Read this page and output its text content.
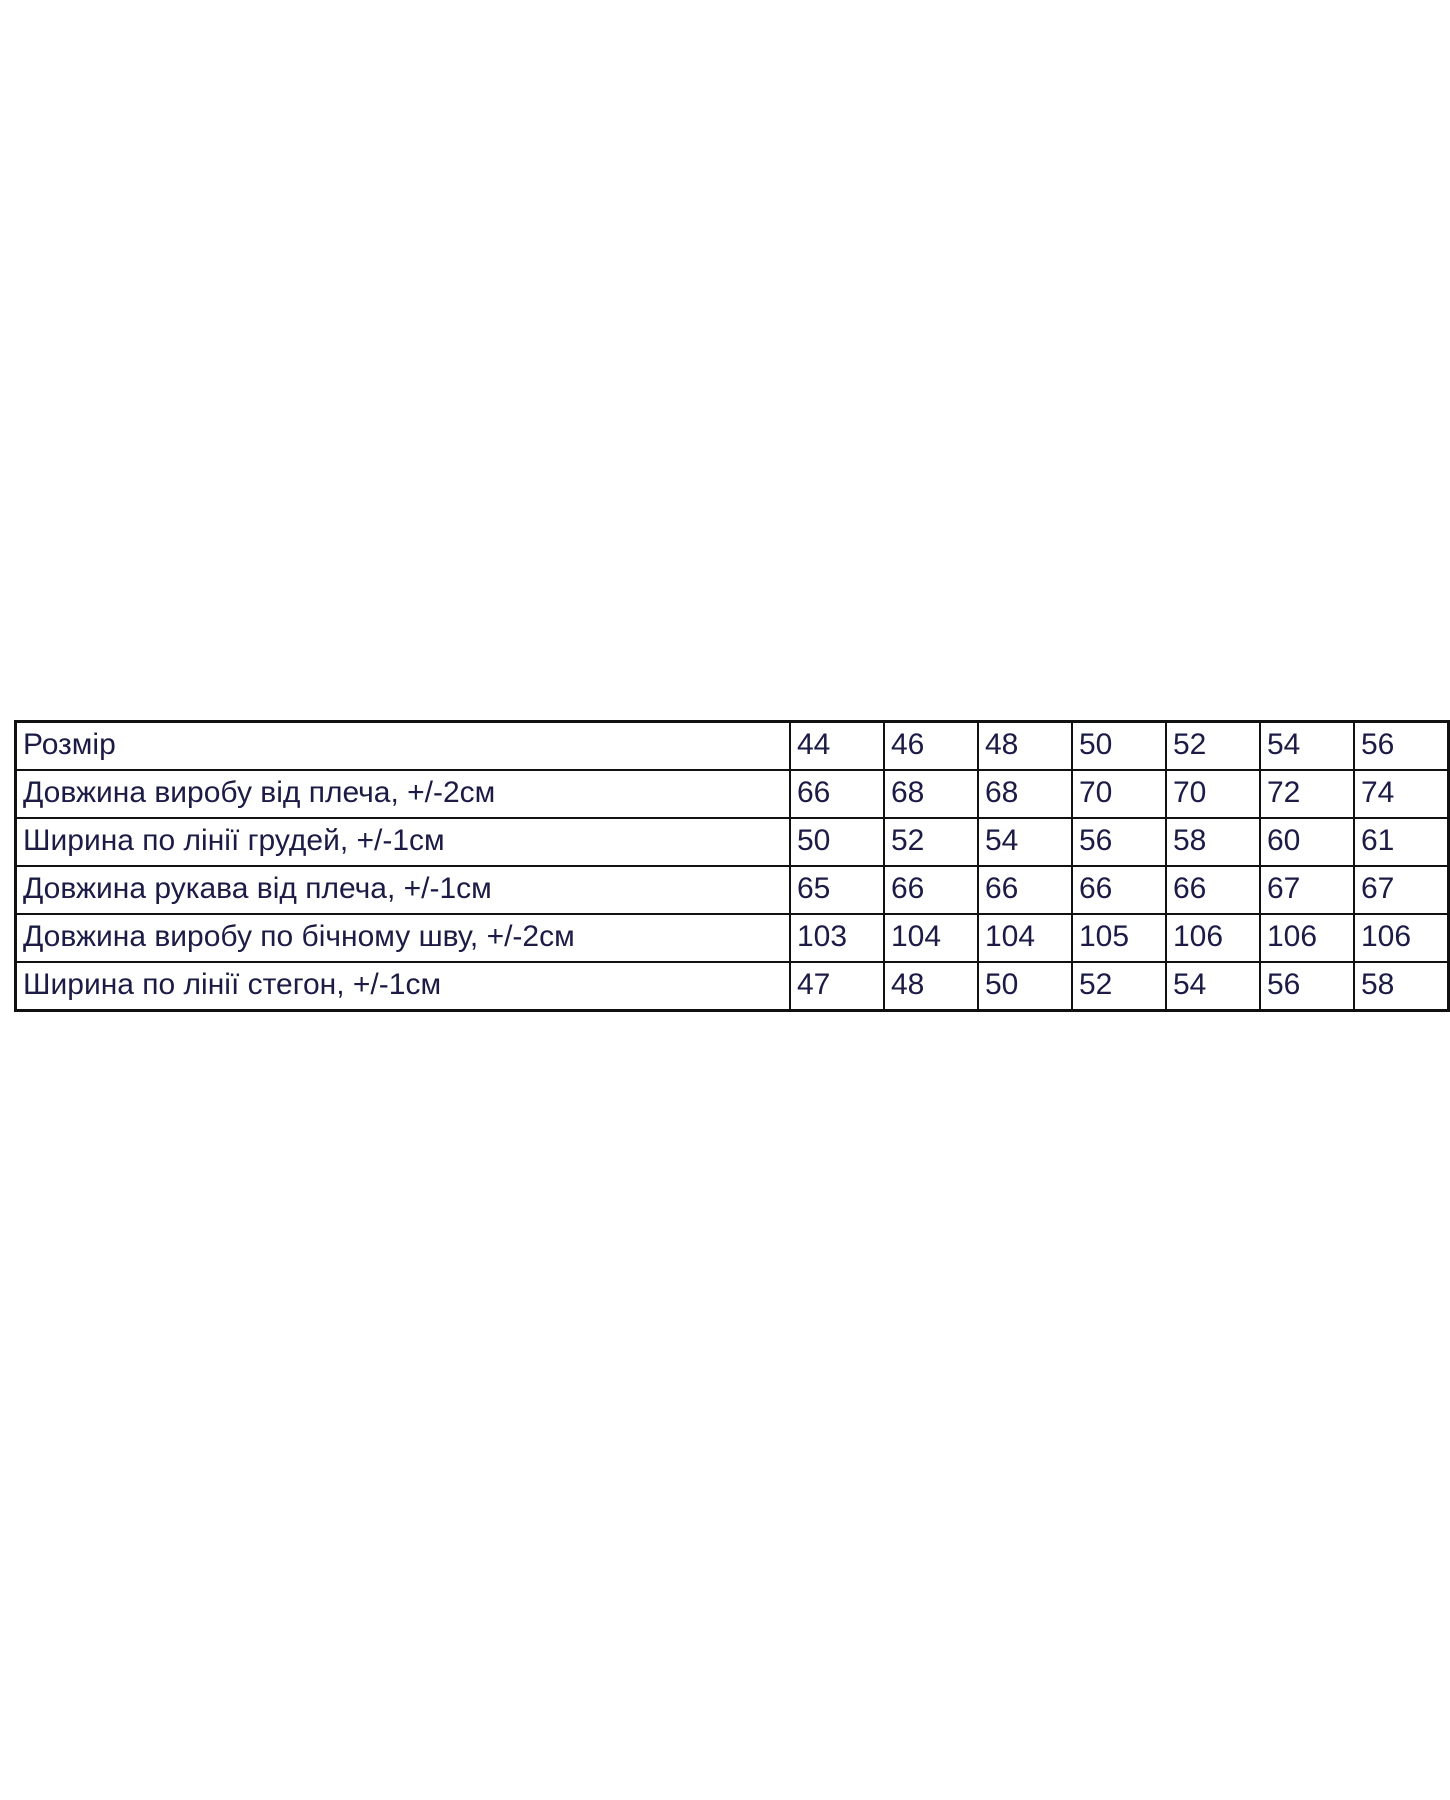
Розмір	44	46	48	50	52	54	56
Довжина виробу від плеча, +/-2см	66	68	68	70	70	72	74
Ширина по лінії грудей, +/-1см	50	52	54	56	58	60	61
Довжина рукава від плеча, +/-1см	65	66	66	66	66	67	67
Довжина виробу по бічному шву, +/-2см	103	104	104	105	106	106	106
Ширина по лінії стегон, +/-1см	47	48	50	52	54	56	58
